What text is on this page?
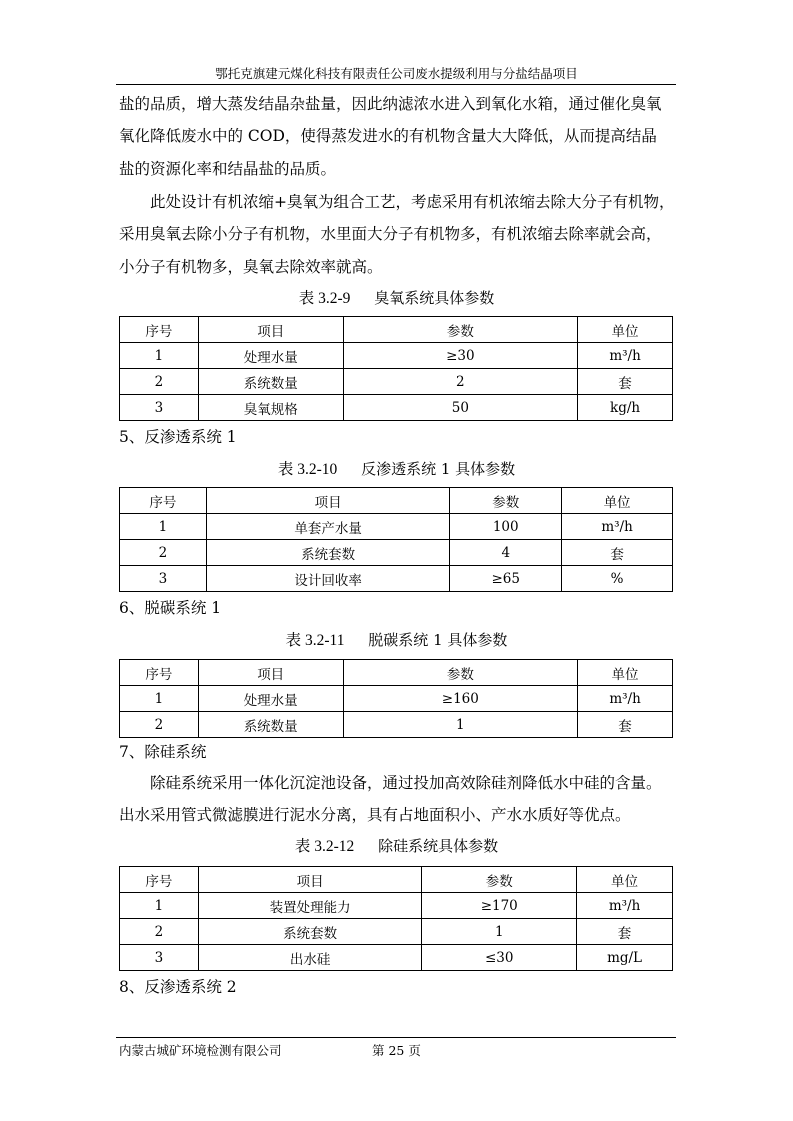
鄂托克旗建元煤化科技有限责任公司废水提级利用与分盐结晶项目
盐的品质，增大蒸发结晶杂盐量，因此纳滤浓水进入到氧化水箱，通过催化臭氧
氧化降低废水中的 COD，使得蒸发进水的有机物含量大大降低，从而提高结晶
盐的资源化率和结晶盐的品质。
此处设计有机浓缩+臭氧为组合工艺，考虑采用有机浓缩去除大分子有机物，
采用臭氧去除小分子有机物，水里面大分子有机物多，有机浓缩去除率就会高，
小分子有机物多，臭氧去除效率就高。
表 3.2-9 臭氧系统具体参数
序号	项目	参数	单位
1	处理水量	≥30	m³/h
2	系统数量	2	套
3	臭氧规格	50	kg/h
5、反渗透系统 1
表 3.2-10 反渗透系统 1 具体参数
序号	项目	参数	单位
1	单套产水量	100	m³/h
2	系统套数	4	套
3	设计回收率	≥65	%
6、脱碳系统 1
表 3.2-11 脱碳系统 1 具体参数
序号	项目	参数	单位
1	处理水量	≥160	m³/h
2	系统数量	1	套
7、除硅系统
除硅系统采用一体化沉淀池设备，通过投加高效除硅剂降低水中硅的含量。
出水采用管式微滤膜进行泥水分离，具有占地面积小、产水水质好等优点。
表 3.2-12 除硅系统具体参数
序号	项目	参数	单位
1	装置处理能力	≥170	m³/h
2	系统套数	1	套
3	出水硅	≤30	mg/L
8、反渗透系统 2
内蒙古城矿环境检测有限公司	第 25 页
